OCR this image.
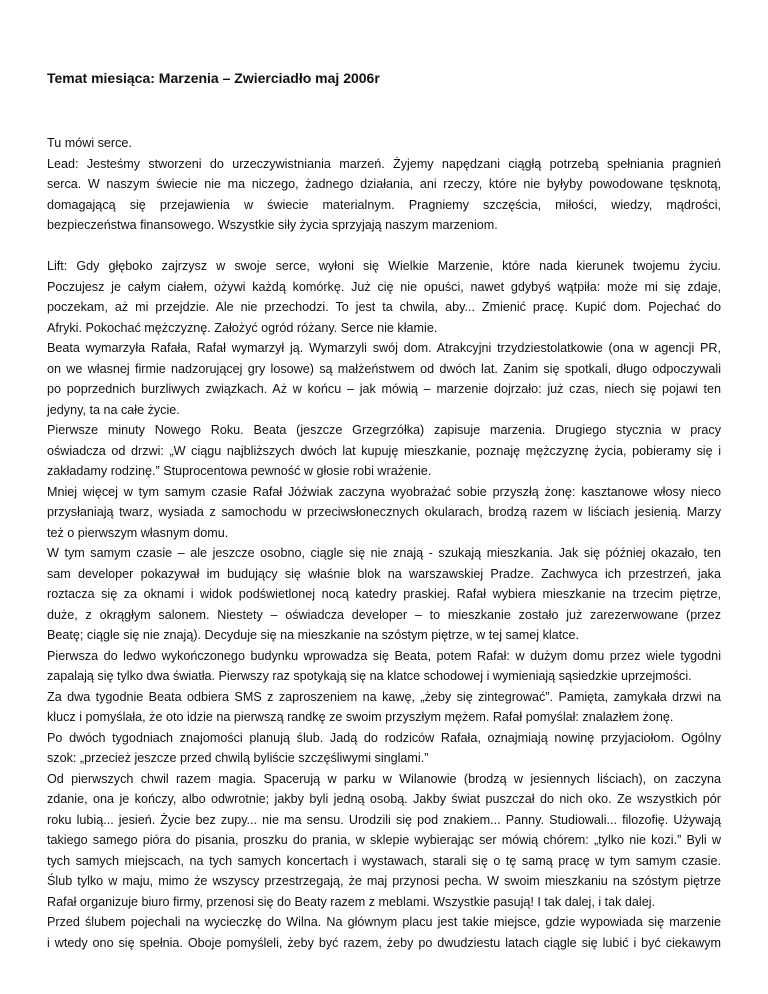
Temat miesiąca: Marzenia – Zwierciadło maj 2006r
Tu mówi serce.
Lead: Jesteśmy stworzeni do urzeczywistniania marzeń. Żyjemy napędzani ciągłą potrzebą spełniania pragnień
serca. W naszym świecie nie ma niczego, żadnego działania, ani rzeczy, które nie byłyby powodowane tęsknotą,
domagającą się przejawienia w świecie materialnym. Pragniemy szczęścia, miłości, wiedzy, mądrości,
bezpieczeństwa finansowego. Wszystkie siły życia sprzyjają naszym marzeniom.
Lift: Gdy głęboko zajrzysz w swoje serce, wyłoni się Wielkie Marzenie, które nada kierunek twojemu życiu.
Poczujesz je całym ciałem, ożywi każdą komórkę. Już cię nie opuści, nawet gdybyś wątpiła: może mi się zdaje,
poczekam, aż mi przejdzie. Ale nie przechodzi. To jest ta chwila, aby... Zmienić pracę. Kupić dom. Pojechać do
Afryki. Pokochać mężczyznę. Założyć ogród różany. Serce nie kłamie.
Beata wymarzyła Rafała, Rafał wymarzył ją. Wymarzyli swój dom. Atrakcyjni trzydziestolatkowie (ona w agencji PR,
on we własnej firmie nadzorującej gry losowe) są małżeństwem od dwóch lat. Zanim się spotkali, długo odpoczywali
po poprzednich burzliwych związkach. Aż w końcu – jak mówią – marzenie dojrzało: już czas, niech się pojawi ten
jedyny, ta na całe życie.
Pierwsze minuty Nowego Roku. Beata (jeszcze Grzegrzółka) zapisuje marzenia. Drugiego stycznia w pracy
oświadcza od drzwi: „W ciągu najbliższych dwóch lat kupuję mieszkanie, poznaję mężczyznę życia, pobieramy się i
zakładamy rodzinę.” Stuprocentowa pewność w głosie robi wrażenie.
Mniej więcej w tym samym czasie Rafał Jóźwiak zaczyna wyobrażać sobie przyszłą żonę: kasztanowe włosy nieco
przysłaniają twarz, wysiada z samochodu w przeciwsłonecznych okularach, brodzą razem w liściach jesienią. Marzy
też o pierwszym własnym domu.
W tym samym czasie – ale jeszcze osobno, ciągle się nie znają - szukają mieszkania. Jak się później okazało, ten
sam developer pokazywał im budujący się właśnie blok na warszawskiej Pradze. Zachwyca ich przestrzeń, jaka
roztacza się za oknami i widok podświetlonej nocą katedry praskiej. Rafał wybiera mieszkanie na trzecim piętrze,
duże, z okrągłym salonem. Niestety – oświadcza developer – to mieszkanie zostało już zarezerwowane (przez
Beatę; ciągle się nie znają). Decyduje się na mieszkanie na szóstym piętrze, w tej samej klatce.
Pierwsza do ledwo wykończonego budynku wprowadza się Beata, potem Rafał: w dużym domu przez wiele tygodni
zapalają się tylko dwa światła. Pierwszy raz spotykają się na klatce schodowej i wymieniają sąsiedzkie uprzejmości.
Za dwa tygodnie Beata odbiera SMS z zaproszeniem na kawę, „żeby się zintegrować”. Pamięta, zamykała drzwi na
klucz i pomyślała, że oto idzie na pierwszą randkę ze swoim przyszłym mężem. Rafał pomyślał: znalazłem żonę.
Po dwóch tygodniach znajomości planują ślub. Jadą do rodziców Rafała, oznajmiają nowinę przyjaciołom. Ogólny
szok: „przecież jeszcze przed chwilą byliście szczęśliwymi singlami.”
Od pierwszych chwil razem magia. Spacerują w parku w Wilanowie (brodzą w jesiennych liściach), on zaczyna
zdanie, ona je kończy, albo odwrotnie; jakby byli jedną osobą. Jakby świat puszczał do nich oko. Ze wszystkich pór
roku lubią... jesień. Życie bez zupy... nie ma sensu. Urodzili się pod znakiem... Panny. Studiowali... filozofię. Używają
takiego samego pióra do pisania, proszku do prania, w sklepie wybierając ser mówią chórem: „tylko nie kozi.” Byli w
tych samych miejscach, na tych samych koncertach i wystawach, starali się o tę samą pracę w tym samym czasie.
Ślub tylko w maju, mimo że wszyscy przestrzegają, że maj przynosi pecha. W swoim mieszkaniu na szóstym piętrze
Rafał organizuje biuro firmy, przenosi się do Beaty razem z meblami. Wszystkie pasują! I tak dalej, i tak dalej.
Przed ślubem pojechali na wycieczkę do Wilna. Na głównym placu jest takie miejsce, gdzie wypowiada się marzenie
i wtedy ono się spełnia. Oboje pomyśleli, żeby być razem, żeby po dwudziestu latach ciągle się lubić i być ciekawym
